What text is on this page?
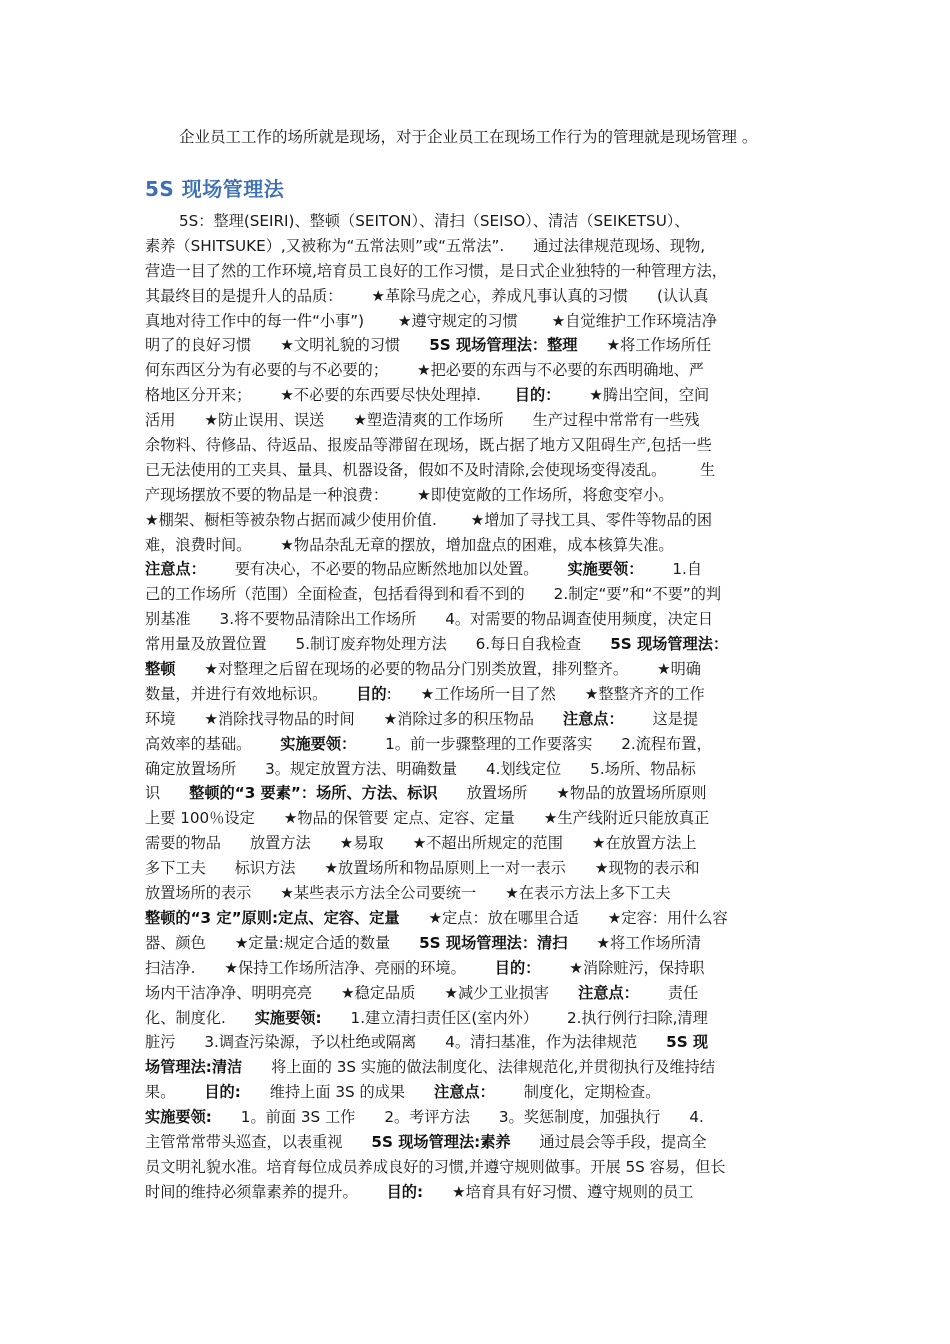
企业员工工作的场所就是现场，对于企业员工在现场工作行为的管理就是现场管理 。
5S 现场管理法
5S：整理(SEIRI)、整顿（SEITON）、清扫（SEISO）、清洁（SEIKETSU）、
素养（SHITSUKE）,又被称为“五常法则”或“五常法”.      通过法律规范现场、现物,
营造一目了然的工作环境,培育员工良好的工作习惯，是日式企业独特的一种管理方法，
其最终目的是提升人的品质：      ★革除马虎之心，养成凡事认真的习惯      (认认真
真地对待工作中的每一件“小事”)       ★遵守规定的习惯       ★自觉维护工作环境洁净
明了的良好习惯      ★文明礼貌的习惯      5S 现场管理法：整理      ★将工作场所任
何东西区分为有必要的与不必要的；      ★把必要的东西与不必要的东西明确地、严
格地区分开来；      ★不必要的东西要尽快处理掉.       目的：      ★腾出空间，空间
活用      ★防止误用、误送      ★塑造清爽的工作场所      生产过程中常常有一些残
余物料、待修品、待返品、报废品等滞留在现场，既占据了地方又阻碍生产,包括一些
已无法使用的工夹具、量具、机器设备，假如不及时清除,会使现场变得凌乱。       生
产现场摆放不要的物品是一种浪费：      ★即使宽敞的工作场所，将愈变窄小。
★棚架、橱柜等被杂物占据而减少使用价值.       ★增加了寻找工具、零件等物品的困
难，浪费时间。      ★物品杂乱无章的摆放，增加盘点的困难，成本核算失准。
注意点：      要有决心，不必要的物品应断然地加以处置。      实施要领：      1.自
己的工作场所（范围）全面检查，包括看得到和看不到的      2.制定“要”和“不要”的判
别基准      3.将不要物品清除出工作场所      4。对需要的物品调查使用频度，决定日
常用量及放置位置      5.制订废弃物处理方法      6.每日自我检查      5S 现场管理法：
整顿      ★对整理之后留在现场的必要的物品分门别类放置，排列整齐。      ★明确
数量，并进行有效地标识。      目的:      ★工作场所一目了然      ★整整齐齐的工作
环境      ★消除找寻物品的时间      ★消除过多的积压物品      注意点：      这是提
高效率的基础。      实施要领：      1。前一步骤整理的工作要落实      2.流程布置，
确定放置场所      3。规定放置方法、明确数量      4.划线定位      5.场所、物品标
识      整顿的“3 要素”：场所、方法、标识      放置场所      ★物品的放置场所原则
上要 100％设定      ★物品的保管要 定点、定容、定量      ★生产线附近只能放真正
需要的物品      放置方法      ★易取      ★不超出所规定的范围      ★在放置方法上
多下工夫      标识方法      ★放置场所和物品原则上一对一表示      ★现物的表示和
放置场所的表示      ★某些表示方法全公司要统一      ★在表示方法上多下工夫
整顿的“3 定”原则:定点、定容、定量      ★定点：放在哪里合适      ★定容：用什么容
器、颜色      ★定量:规定合适的数量      5S 现场管理法：清扫      ★将工作场所清
扫洁净.      ★保持工作场所洁净、亮丽的环境。      目的：      ★消除赃污，保持职
场内干洁净净、明明亮亮      ★稳定品质      ★减少工业损害      注意点：      责任
化、制度化.      实施要领:      1.建立清扫责任区(室内外）      2.执行例行扫除,清理
脏污      3.调查污染源，予以杜绝或隔离      4。清扫基准，作为法律规范      5S 现
场管理法:清洁      将上面的 3S 实施的做法制度化、法律规范化,并贯彻执行及维持结
果。      目的:      维持上面 3S 的成果      注意点：      制度化，定期检查。
实施要领:      1。前面 3S 工作      2。考评方法      3。奖惩制度，加强执行      4.
主管常常带头巡查，以表重视      5S 现场管理法:素养      通过晨会等手段，提高全
员文明礼貌水准。培育每位成员养成良好的习惯,并遵守规则做事。开展 5S 容易，但长
时间的维持必须靠素养的提升。      目的:      ★培育具有好习惯、遵守规则的员工
